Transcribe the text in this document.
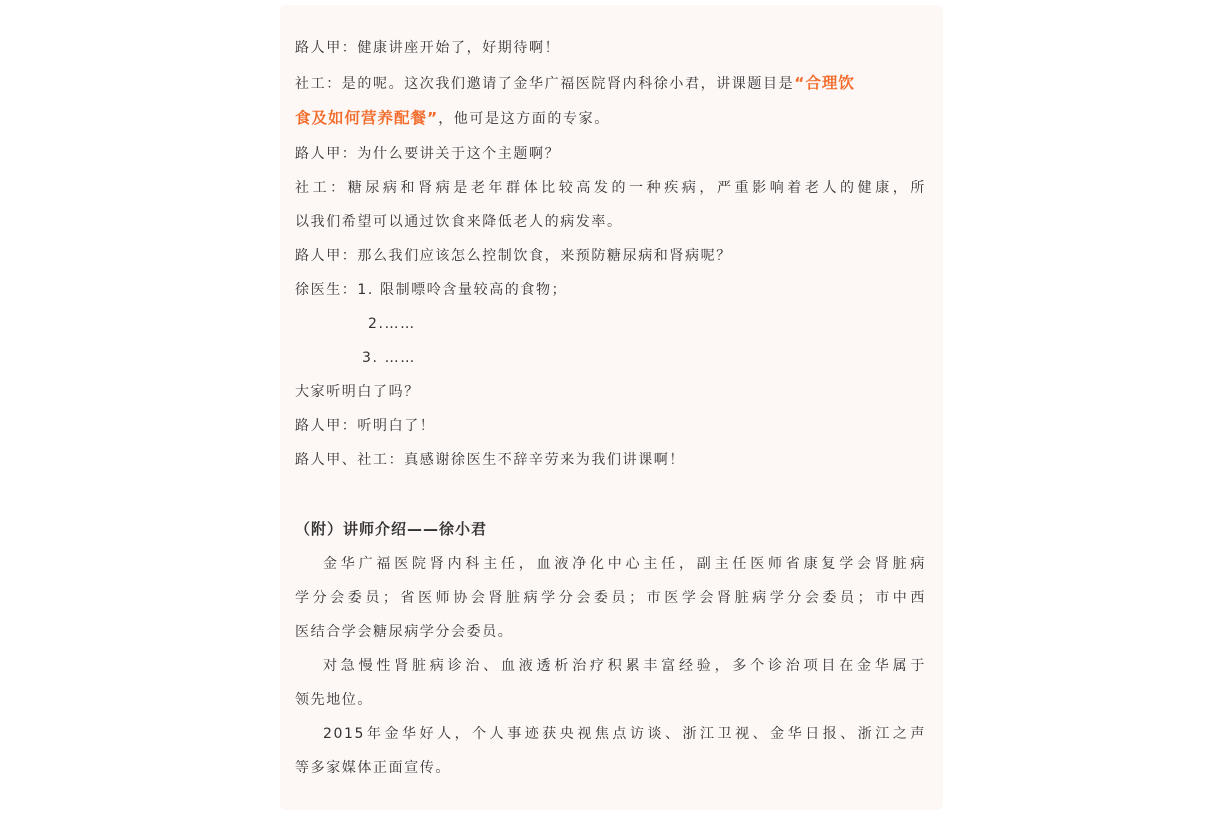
路人甲：健康讲座开始了，好期待啊！
社工：是的呢。这次我们邀请了金华广福医院肾内科徐小君，讲课题目是“合理饮
食及如何营养配餐”，他可是这方面的专家。
路人甲：为什么要讲关于这个主题啊？
社工：糖尿病和肾病是老年群体比较高发的一种疾病，严重影响着老人的健康，所
以我们希望可以通过饮食来降低老人的病发率。
路人甲：那么我们应该怎么控制饮食，来预防糖尿病和肾病呢？
徐医生：1. 限制嘌呤含量较高的食物；
2.……
3. ……
大家听明白了吗？
路人甲：听明白了！
路人甲、社工：真感谢徐医生不辞辛劳来为我们讲课啊！
（附）讲师介绍——徐小君
金华广福医院肾内科主任，血液净化中心主任，副主任医师省康复学会肾脏病
学分会委员；省医师协会肾脏病学分会委员；市医学会肾脏病学分会委员；市中西
医结合学会糖尿病学分会委员。
对急慢性肾脏病诊治、血液透析治疗积累丰富经验，多个诊治项目在金华属于
领先地位。
2015年金华好人，个人事迹获央视焦点访谈、浙江卫视、金华日报、浙江之声
等多家媒体正面宣传。
